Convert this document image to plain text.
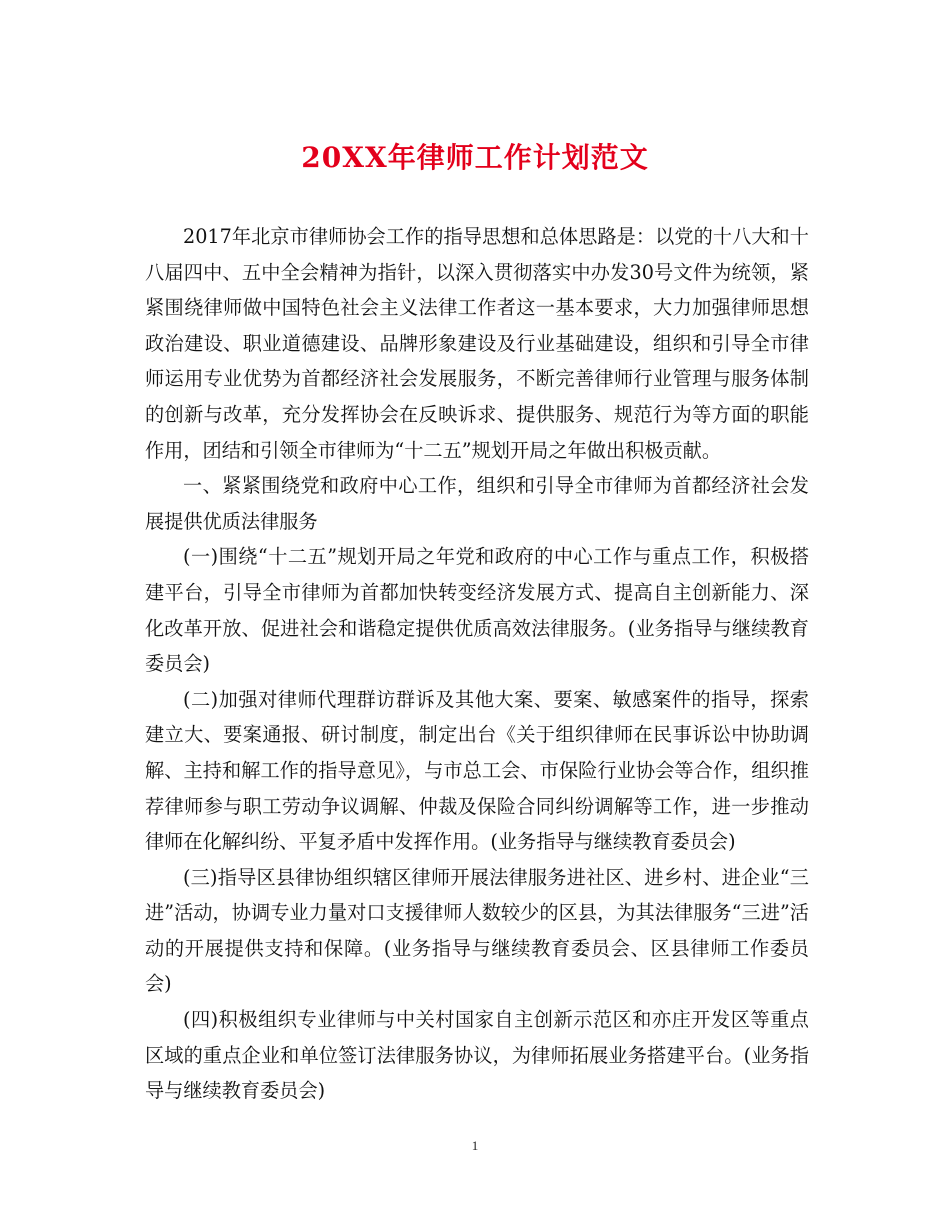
20XX年律师工作计划范文

2017年北京市律师协会工作的指导思想和总体思路是：以党的十八大和十八届四中、五中全会精神为指针，以深入贯彻落实中办发30号文件为统领，紧紧围绕律师做中国特色社会主义法律工作者这一基本要求，大力加强律师思想政治建设、职业道德建设、品牌形象建设及行业基础建设，组织和引导全市律师运用专业优势为首都经济社会发展服务，不断完善律师行业管理与服务体制的创新与改革，充分发挥协会在反映诉求、提供服务、规范行为等方面的职能作用，团结和引领全市律师为“十二五”规划开局之年做出积极贡献。

一、紧紧围绕党和政府中心工作，组织和引导全市律师为首都经济社会发展提供优质法律服务

(一)围绕“十二五”规划开局之年党和政府的中心工作与重点工作，积极搭建平台，引导全市律师为首都加快转变经济发展方式、提高自主创新能力、深化改革开放、促进社会和谐稳定提供优质高效法律服务。(业务指导与继续教育委员会)

(二)加强对律师代理群访群诉及其他大案、要案、敏感案件的指导，探索建立大、要案通报、研讨制度，制定出台《关于组织律师在民事诉讼中协助调解、主持和解工作的指导意见》，与市总工会、市保险行业协会等合作，组织推荐律师参与职工劳动争议调解、仲裁及保险合同纠纷调解等工作，进一步推动律师在化解纠纷、平复矛盾中发挥作用。(业务指导与继续教育委员会)

(三)指导区县律协组织辖区律师开展法律服务进社区、进乡村、进企业“三进”活动，协调专业力量对口支援律师人数较少的区县，为其法律服务“三进”活动的开展提供支持和保障。(业务指导与继续教育委员会、区县律师工作委员会)

(四)积极组织专业律师与中关村国家自主创新示范区和亦庄开发区等重点区域的重点企业和单位签订法律服务协议，为律师拓展业务搭建平台。(业务指导与继续教育委员会)

1
